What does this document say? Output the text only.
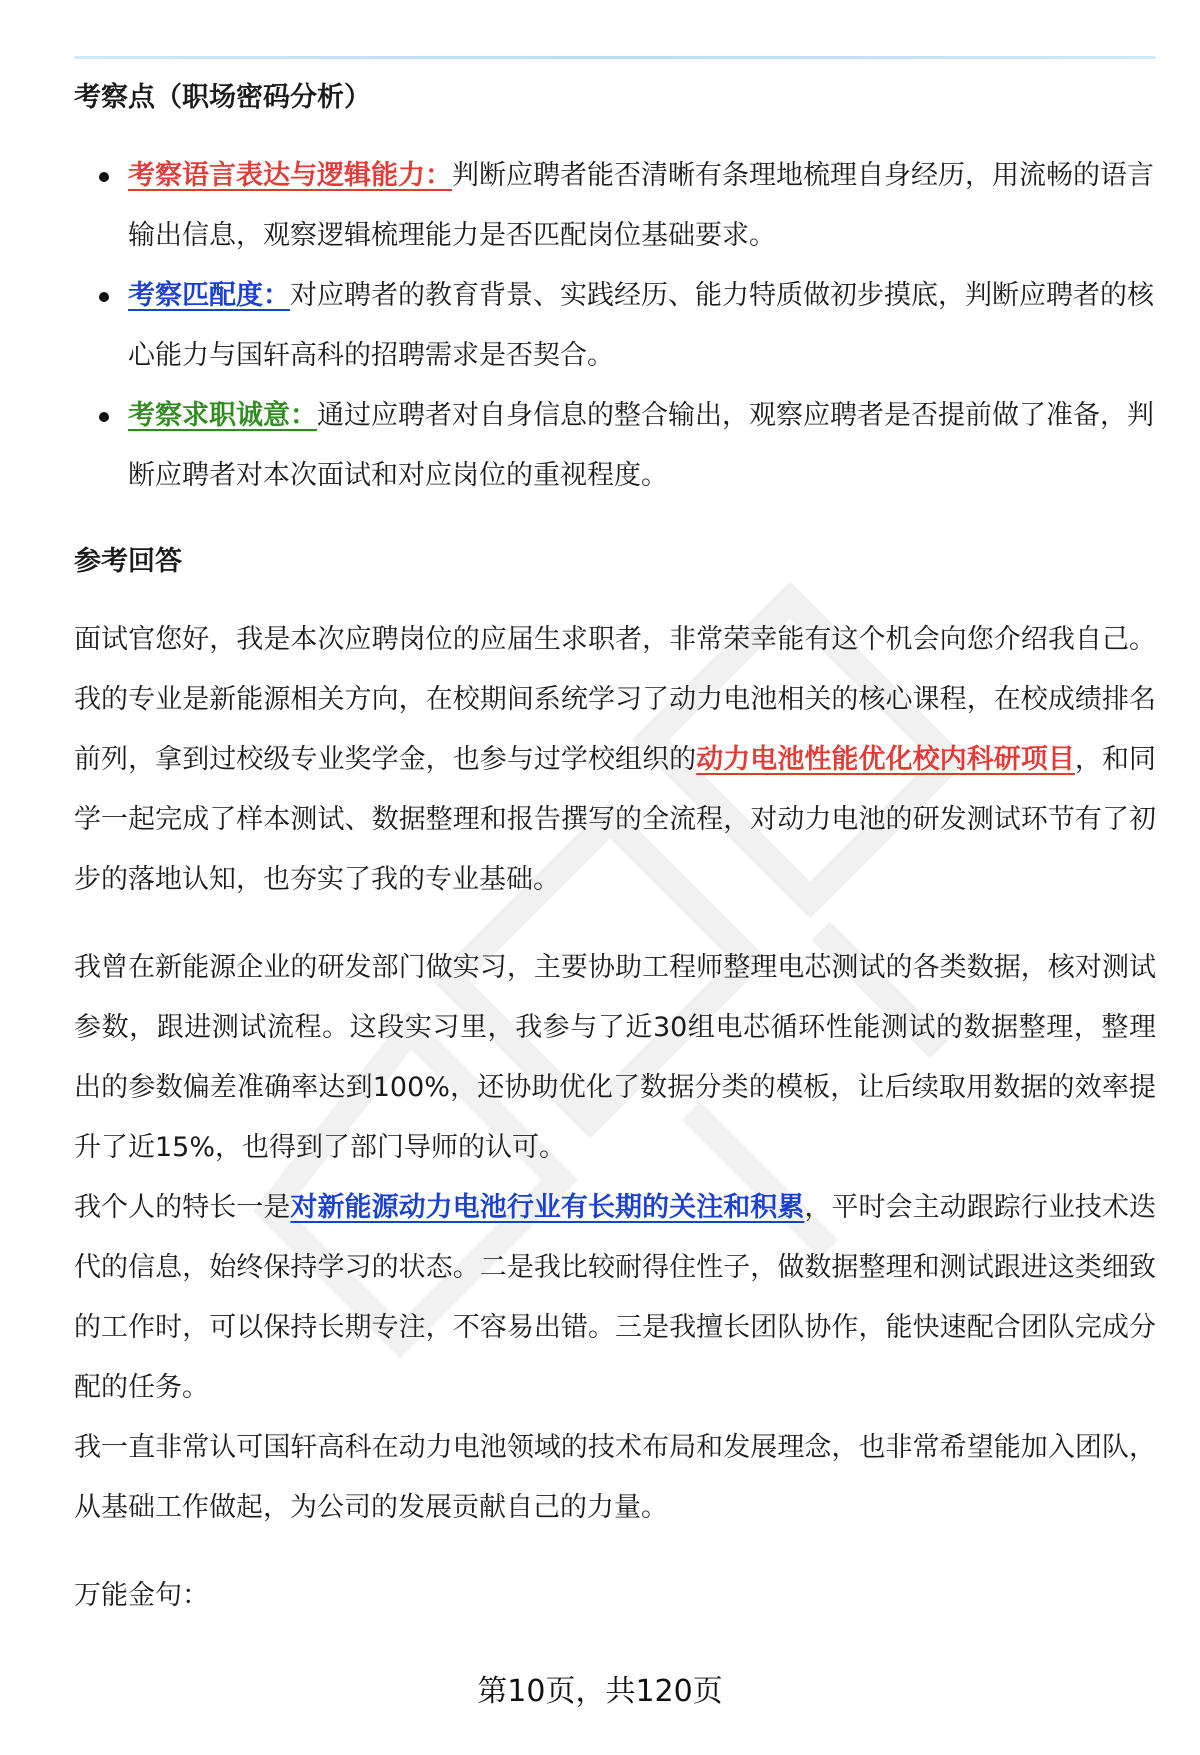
考察点（职场密码分析）
考察语言表达与逻辑能力：判断应聘者能否清晰有条理地梳理自身经历，用流畅的语言输出信息，观察逻辑梳理能力是否匹配岗位基础要求。
考察匹配度：对应聘者的教育背景、实践经历、能力特质做初步摸底，判断应聘者的核心能力与国轩高科的招聘需求是否契合。
考察求职诚意：通过应聘者对自身信息的整合输出，观察应聘者是否提前做了准备，判断应聘者对本次面试和对应岗位的重视程度。
参考回答

面试官您好，我是本次应聘岗位的应届生求职者，非常荣幸能有这个机会向您介绍我自己。我的专业是新能源相关方向，在校期间系统学习了动力电池相关的核心课程，在校成绩排名前列，拿到过校级专业奖学金，也参与过学校组织的动力电池性能优化校内科研项目，和同学一起完成了样本测试、数据整理和报告撰写的全流程，对动力电池的研发测试环节有了初步的落地认知，也夯实了我的专业基础。

我曾在新能源企业的研发部门做实习，主要协助工程师整理电芯测试的各类数据，核对测试参数，跟进测试流程。这段实习里，我参与了近30组电芯循环性能测试的数据整理，整理出的参数偏差准确率达到100%，还协助优化了数据分类的模板，让后续取用数据的效率提升了近15%，也得到了部门导师的认可。

我个人的特长一是对新能源动力电池行业有长期的关注和积累，平时会主动跟踪行业技术迭代的信息，始终保持学习的状态。二是我比较耐得住性子，做数据整理和测试跟进这类细致的工作时，可以保持长期专注，不容易出错。三是我擅长团队协作，能快速配合团队完成分配的任务。

我一直非常认可国轩高科在动力电池领域的技术布局和发展理念，也非常希望能加入团队，从基础工作做起，为公司的发展贡献自己的力量。

万能金句：

第10页，共120页
